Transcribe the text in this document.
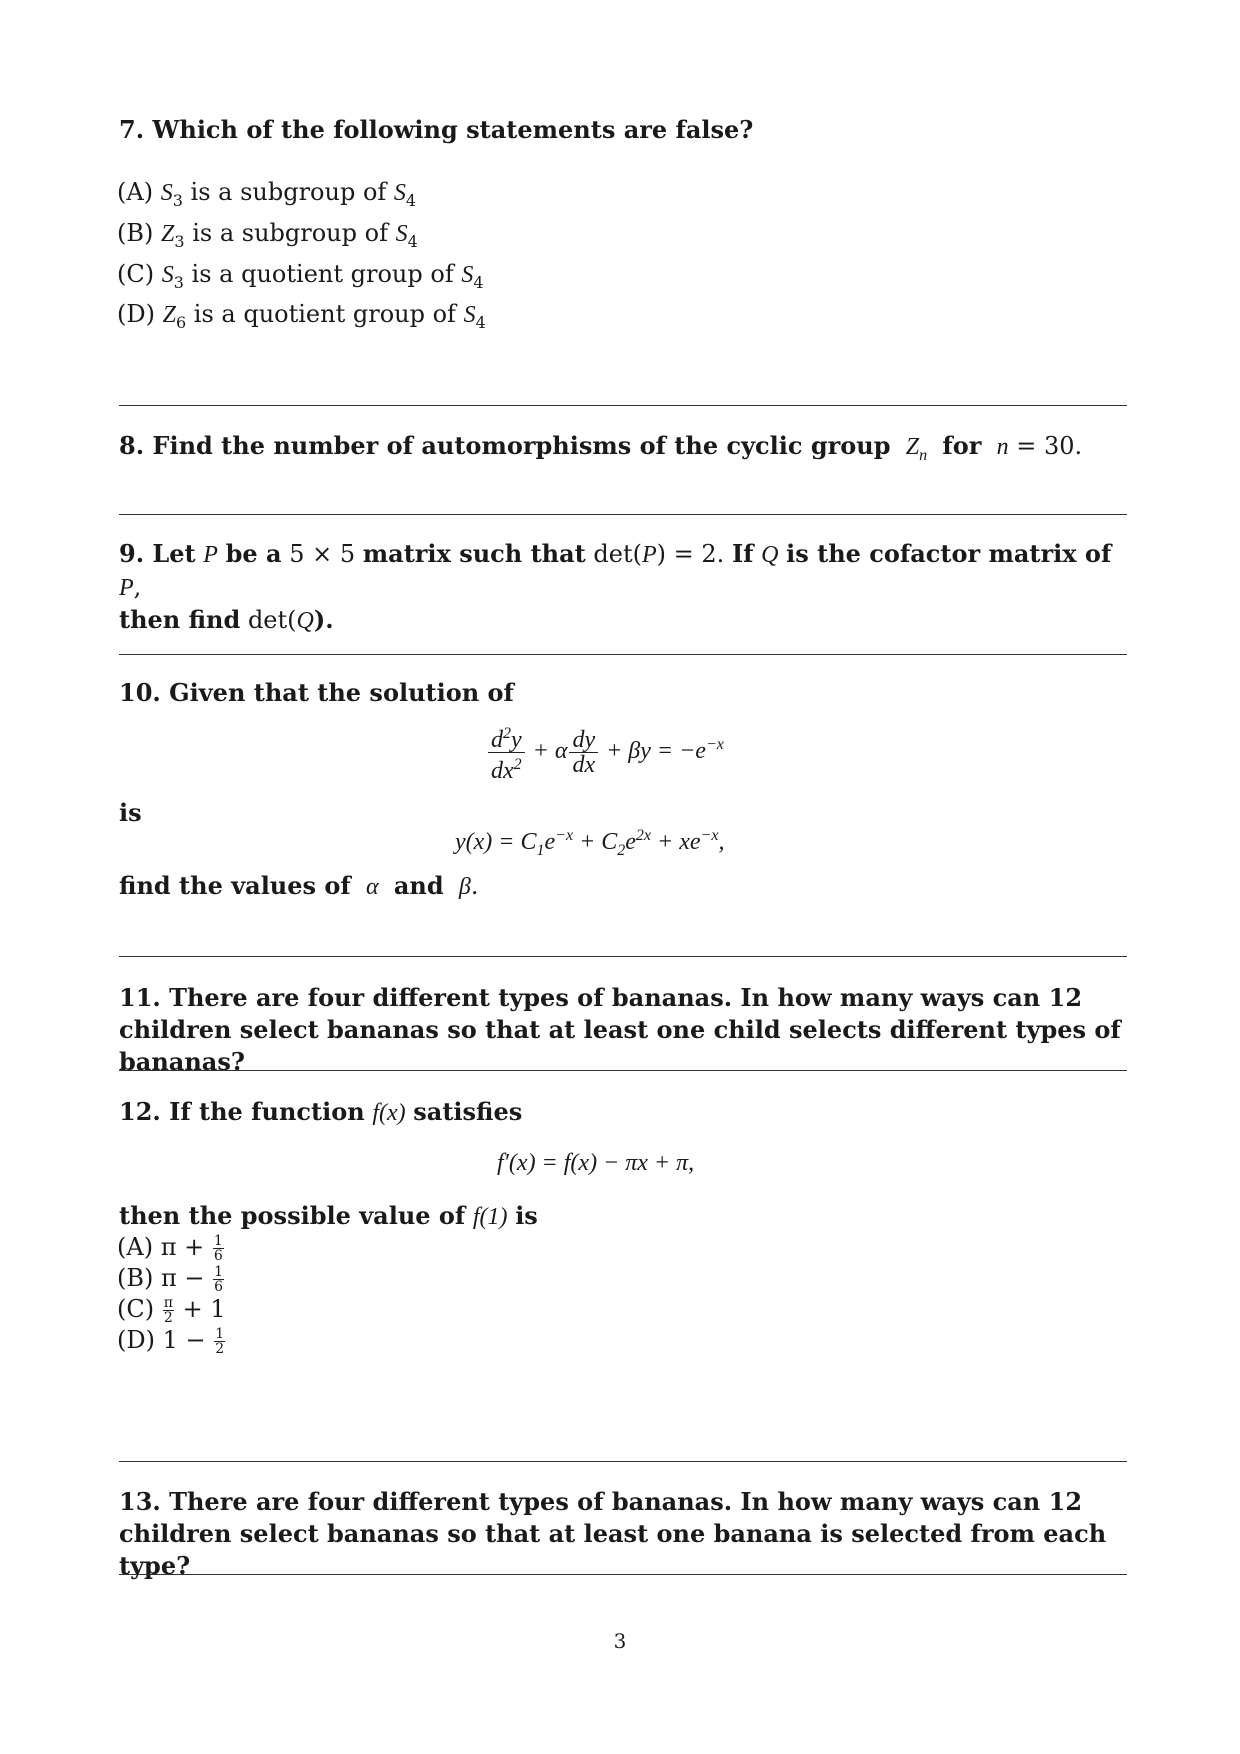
7. Which of the following statements are false?
(A) $S_3$ is a subgroup of $S_4$
(B) $Z_3$ is a subgroup of $S_4$
(C) $S_3$ is a quotient group of $S_4$
(D) $Z_6$ is a quotient group of $S_4$
8. Find the number of automorphisms of the cyclic group $Z_n$ for n = 30.
9. Let P be a 5 × 5 matrix such that det(P) = 2. If Q is the cofactor matrix of P,
then find det(Q).
10. Given that the solution of
$\frac{d^2y}{dx^2} + \alpha \frac{dy}{dx} + \beta y = -e^{-x}$
is
$y(x) = C_1e^{-x} + C_2e^{2x} + xe^{-x}$,
find the values of α and β.
11. There are four different types of bananas. In how many ways can 12 children select bananas so that at least one child selects different types of bananas?
12. If the function f(x) satisfies
f′(x) = f(x) − πx + π,
then the possible value of f(1) is
(A) $\pi + \frac{1}{6}$
(B) $\pi - \frac{1}{6}$
$(C) \frac{\pi}{2} + 1$
(D) $1 - \frac{1}{2}$
13. There are four different types of bananas. In how many ways can 12 children select bananas so that at least one banana is selected from each type?
3
